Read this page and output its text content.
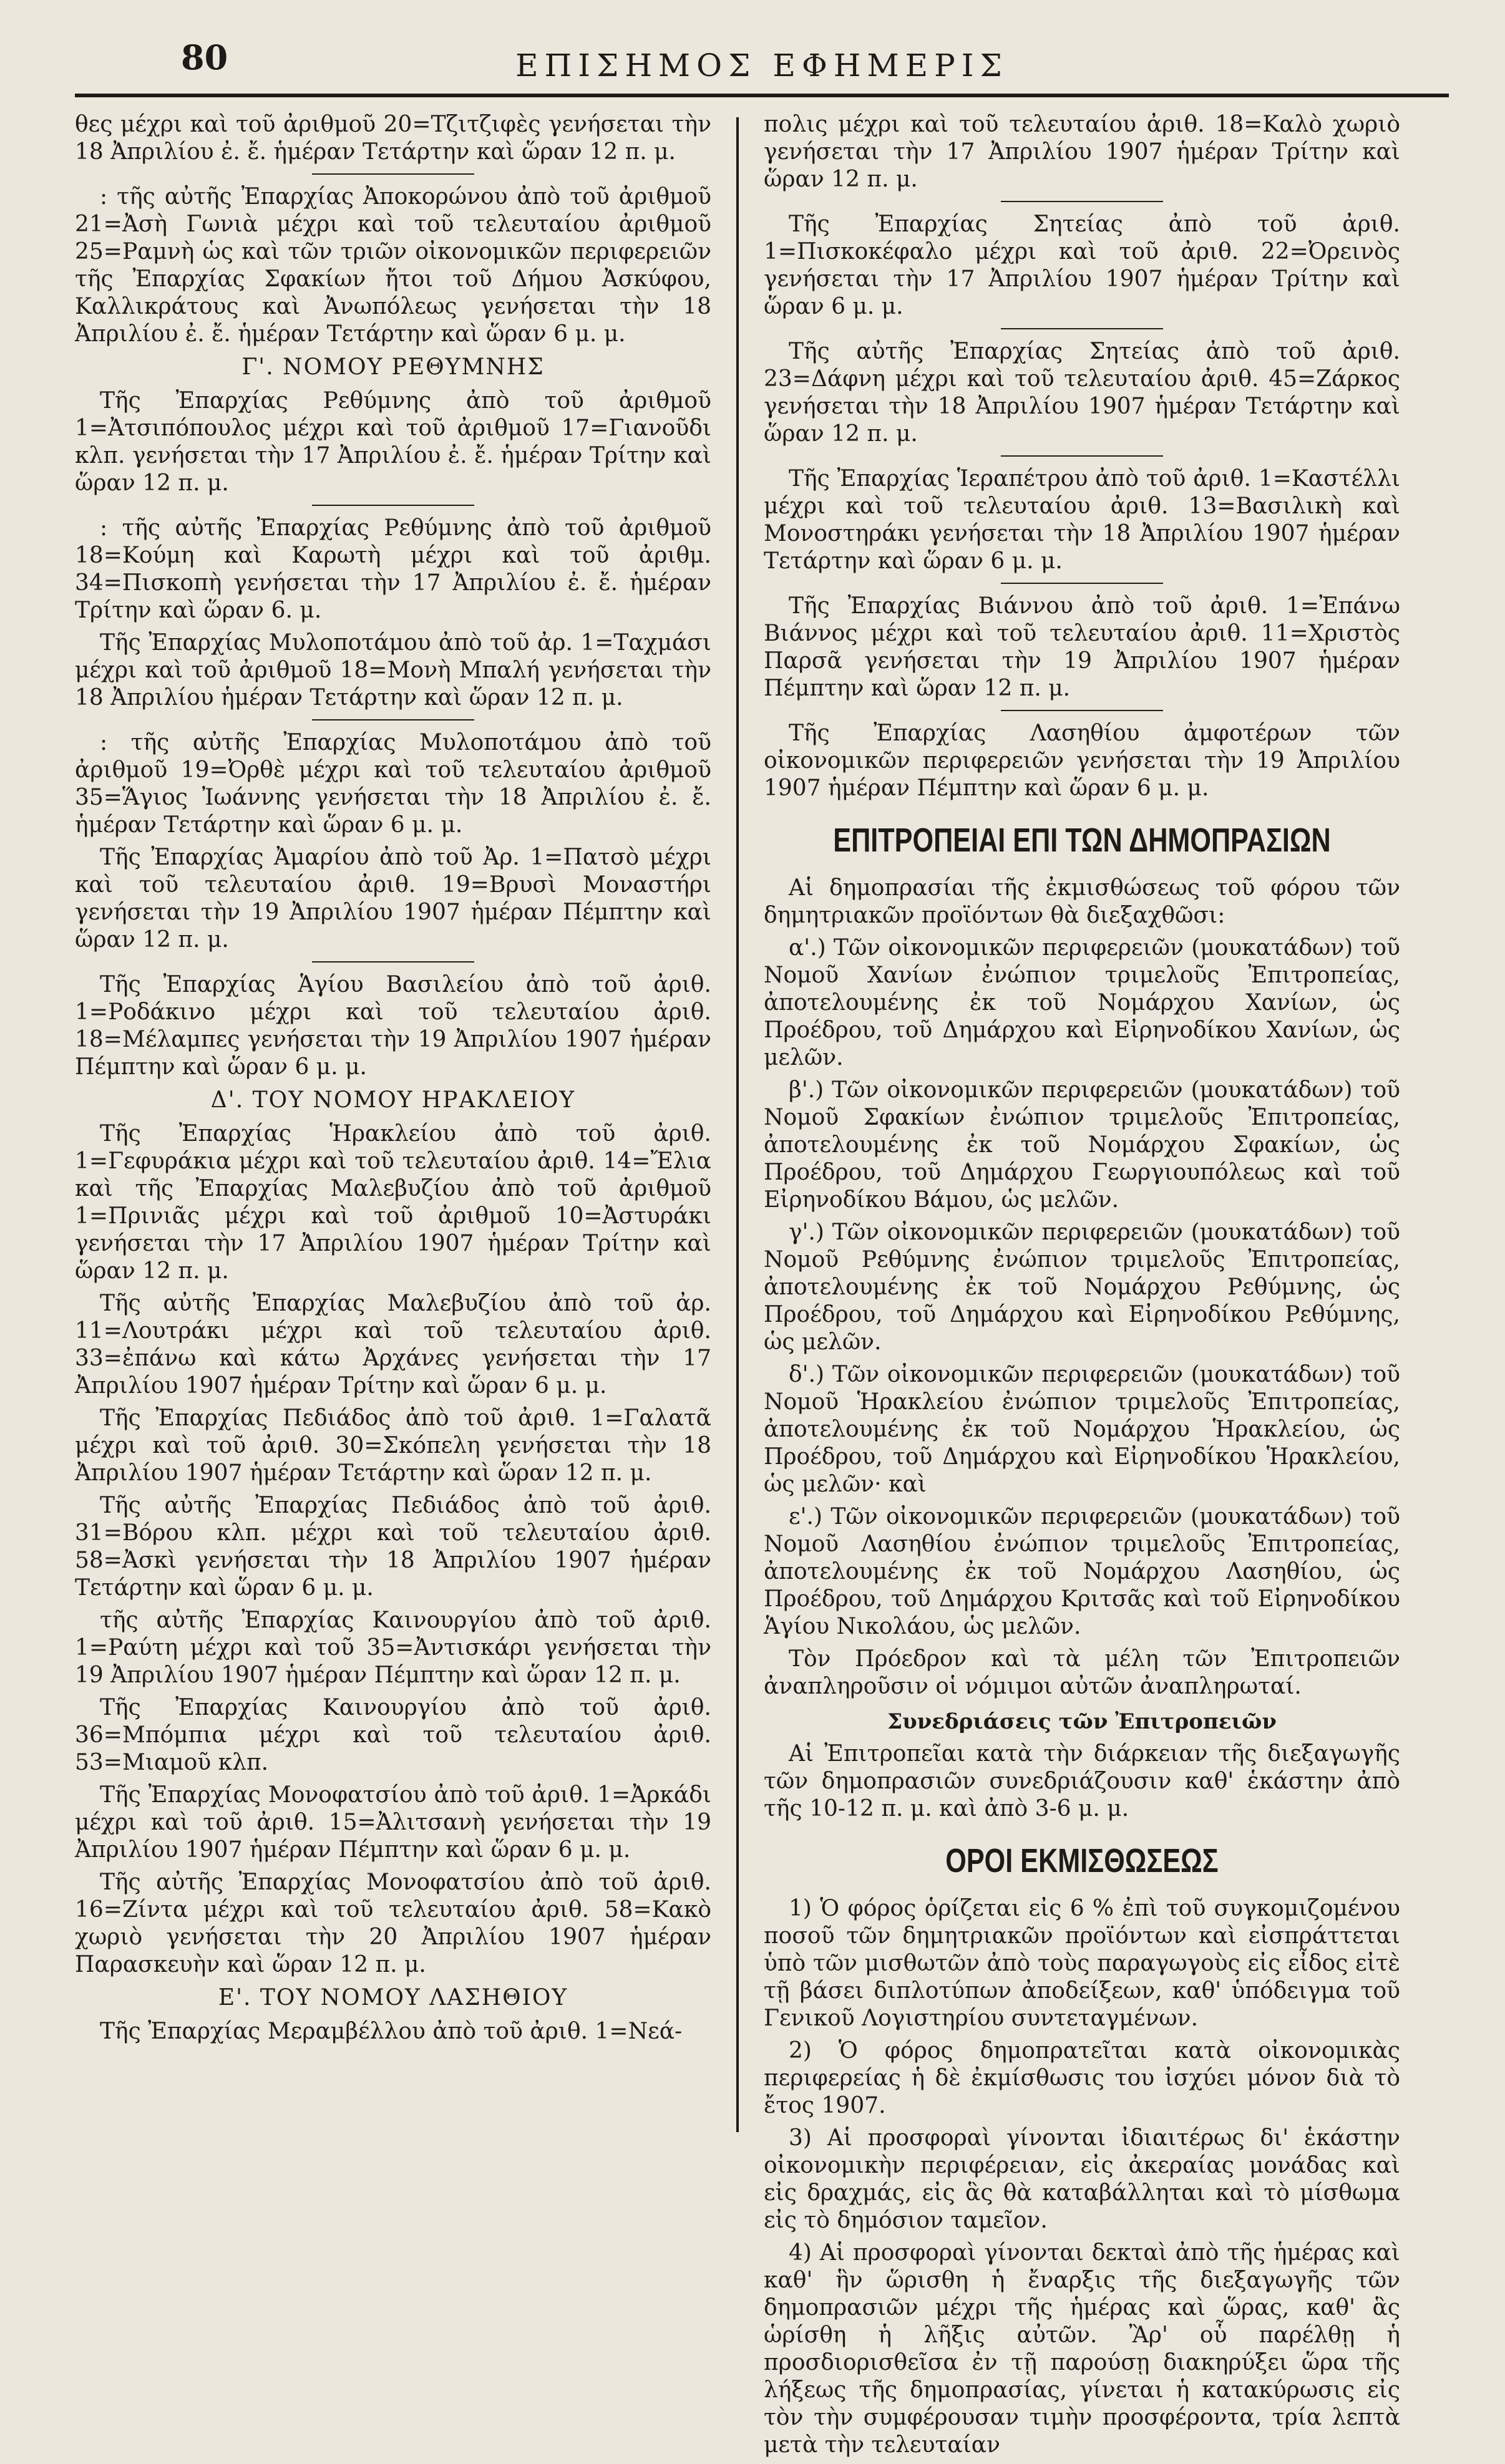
80	ΕΠΙΣΗΜΟΣ ΕΦΗΜΕΡΙΣ

θες μέχρι καὶ τοῦ ἀριθμοῦ 20=Τζιτζιφὲς γενήσεται τὴν 18 Ἀπριλίου ἐ. ἔ. ἡμέραν Τετάρτην καὶ ὥραν 12 π. μ.

: τῆς αὐτῆς Ἐπαρχίας Ἀποκορώνου ἀπὸ τοῦ ἀριθμοῦ 21=Ἀσὴ Γωνιὰ μέχρι καὶ τοῦ τελευταίου ἀριθμοῦ 25=Ραμνὴ ὡς καὶ τῶν τριῶν οἰκονομικῶν περιφερειῶν τῆς Ἐπαρχίας Σφακίων ἤτοι τοῦ Δήμου Ἀσκύφου, Καλλικράτους καὶ Ἀνωπόλεως γενήσεται τὴν 18 Ἀπριλίου ἐ. ἔ. ἡμέραν Τετάρτην καὶ ὥραν 6 μ. μ.

Γ'. ΝΟΜΟΥ ΡΕΘΥΜΝΗΣ

Τῆς Ἐπαρχίας Ρεθύμνης ἀπὸ τοῦ ἀριθμοῦ 1=Ἀτσιπόπουλος μέχρι καὶ τοῦ ἀριθμοῦ 17=Γιανοῦδι κλπ. γενήσεται τὴν 17 Ἀπριλίου ἐ. ἔ. ἡμέραν Τρίτην καὶ ὥραν 12 π. μ.

: τῆς αὐτῆς Ἐπαρχίας Ρεθύμνης ἀπὸ τοῦ ἀριθμοῦ 18=Κούμη καὶ Καρωτὴ μέχρι καὶ τοῦ ἀριθμ. 34=Πισκοπὴ γενήσεται τὴν 17 Ἀπριλίου ἐ. ἔ. ἡμέραν Τρίτην καὶ ὥραν 6. μ.

Τῆς Ἐπαρχίας Μυλοποτάμου ἀπὸ τοῦ ἀρ. 1=Ταχμάσι μέχρι καὶ τοῦ ἀριθμοῦ 18=Μονὴ Μπαλή γενήσεται τὴν 18 Ἀπριλίου ἡμέραν Τετάρτην καὶ ὥραν 12 π. μ.

: τῆς αὐτῆς Ἐπαρχίας Μυλοποτάμου ἀπὸ τοῦ ἀριθμοῦ 19=Ὀρθὲ μέχρι καὶ τοῦ τελευταίου ἀριθμοῦ 35=Ἅγιος Ἰωάννης γενήσεται τὴν 18 Ἀπριλίου ἐ. ἔ. ἡμέραν Τετάρτην καὶ ὥραν 6 μ. μ.

Τῆς Ἐπαρχίας Ἀμαρίου ἀπὸ τοῦ Ἀρ. 1=Πατσὸ μέχρι καὶ τοῦ τελευταίου ἀριθ. 19=Βρυσὶ Μοναστήρι γενήσεται τὴν 19 Ἀπριλίου 1907 ἡμέραν Πέμπτην καὶ ὥραν 12 π. μ.

Τῆς Ἐπαρχίας Ἁγίου Βασιλείου ἀπὸ τοῦ ἀριθ. 1=Ροδάκινο μέχρι καὶ τοῦ τελευταίου ἀριθ. 18=Μέλαμπες γενήσεται τὴν 19 Ἀπριλίου 1907 ἡμέραν Πέμπτην καὶ ὥραν 6 μ. μ.

Δ'. ΤΟΥ ΝΟΜΟΥ ΗΡΑΚΛΕΙΟΥ

Τῆς Ἐπαρχίας Ἡρακλείου ἀπὸ τοῦ ἀριθ. 1=Γεφυράκια μέχρι καὶ τοῦ τελευταίου ἀριθ. 14=Ἔλια καὶ τῆς Ἐπαρχίας Μαλεβυζίου ἀπὸ τοῦ ἀριθμοῦ 1=Πρινιᾶς μέχρι καὶ τοῦ ἀριθμοῦ 10=Ἀστυράκι γενήσεται τὴν 17 Ἀπριλίου 1907 ἡμέραν Τρίτην καὶ ὥραν 12 π. μ.

Τῆς αὐτῆς Ἐπαρχίας Μαλεβυζίου ἀπὸ τοῦ ἀρ. 11=Λουτράκι μέχρι καὶ τοῦ τελευταίου ἀριθ. 33=ἐπάνω καὶ κάτω Ἀρχάνες γενήσεται τὴν 17 Ἀπριλίου 1907 ἡμέραν Τρίτην καὶ ὥραν 6 μ. μ.

Τῆς Ἐπαρχίας Πεδιάδος ἀπὸ τοῦ ἀριθ. 1=Γαλατᾶ μέχρι καὶ τοῦ ἀριθ. 30=Σκόπελη γενήσεται τὴν 18 Ἀπριλίου 1907 ἡμέραν Τετάρτην καὶ ὥραν 12 π. μ.

Τῆς αὐτῆς Ἐπαρχίας Πεδιάδος ἀπὸ τοῦ ἀριθ. 31=Βόρου κλπ. μέχρι καὶ τοῦ τελευταίου ἀριθ. 58=Ἀσκὶ γενήσεται τὴν 18 Ἀπριλίου 1907 ἡμέραν Τετάρτην καὶ ὥραν 6 μ. μ.

τῆς αὐτῆς Ἐπαρχίας Καινουργίου ἀπὸ τοῦ ἀριθ. 1=Ραύτη μέχρι καὶ τοῦ 35=Ἀντισκάρι γενήσεται τὴν 19 Ἀπριλίου 1907 ἡμέραν Πέμπτην καὶ ὥραν 12 π. μ.

Τῆς Ἐπαρχίας Καινουργίου ἀπὸ τοῦ ἀριθ. 36=Μπόμπια μέχρι καὶ τοῦ τελευταίου ἀριθ. 53=Μιαμοῦ κλπ.

Τῆς Ἐπαρχίας Μονοφατσίου ἀπὸ τοῦ ἀριθ. 1=Ἀρκάδι μέχρι καὶ τοῦ ἀριθ. 15=Ἀλιτσανὴ γενήσεται τὴν 19 Ἀπριλίου 1907 ἡμέραν Πέμπτην καὶ ὥραν 6 μ. μ.

Τῆς αὐτῆς Ἐπαρχίας Μονοφατσίου ἀπὸ τοῦ ἀριθ. 16=Ζίντα μέχρι καὶ τοῦ τελευταίου ἀριθ. 58=Κακὸ χωριὸ γενήσεται τὴν 20 Ἀπριλίου 1907 ἡμέραν Παρασκευὴν καὶ ὥραν 12 π. μ.

Ε'. ΤΟΥ ΝΟΜΟΥ ΛΑΣΗΘΙΟΥ

Τῆς Ἐπαρχίας Μεραμβέλλου ἀπὸ τοῦ ἀριθ. 1=Νεά-

πολις μέχρι καὶ τοῦ τελευταίου ἀριθ. 18=Καλὸ χωριὸ γενήσεται τὴν 17 Ἀπριλίου 1907 ἡμέραν Τρίτην καὶ ὥραν 12 π. μ.

Τῆς Ἐπαρχίας Σητείας ἀπὸ τοῦ ἀριθ. 1=Πισκοκέφαλο μέχρι καὶ τοῦ ἀριθ. 22=Ὀρεινὸς γενήσεται τὴν 17 Ἀπριλίου 1907 ἡμέραν Τρίτην καὶ ὥραν 6 μ. μ.

Τῆς αὐτῆς Ἐπαρχίας Σητείας ἀπὸ τοῦ ἀριθ. 23=Δάφνη μέχρι καὶ τοῦ τελευταίου ἀριθ. 45=Ζάρκος γενήσεται τὴν 18 Ἀπριλίου 1907 ἡμέραν Τετάρτην καὶ ὥραν 12 π. μ.

Τῆς Ἐπαρχίας Ἱεραπέτρου ἀπὸ τοῦ ἀριθ. 1=Καστέλλι μέχρι καὶ τοῦ τελευταίου ἀριθ. 13=Βασιλικὴ καὶ Μονοστηράκι γενήσεται τὴν 18 Ἀπριλίου 1907 ἡμέραν Τετάρτην καὶ ὥραν 6 μ. μ.

Τῆς Ἐπαρχίας Βιάννου ἀπὸ τοῦ ἀριθ. 1=Ἐπάνω Βιάννος μέχρι καὶ τοῦ τελευταίου ἀριθ. 11=Χριστὸς Παρσᾶ γενήσεται τὴν 19 Ἀπριλίου 1907 ἡμέραν Πέμπτην καὶ ὥραν 12 π. μ.

Τῆς Ἐπαρχίας Λασηθίου ἀμφοτέρων τῶν οἰκονομικῶν περιφερειῶν γενήσεται τὴν 19 Ἀπριλίου 1907 ἡμέραν Πέμπτην καὶ ὥραν 6 μ. μ.

ΕΠΙΤΡΟΠΕΙΑΙ ΕΠΙ ΤΩΝ ΔΗΜΟΠΡΑΣΙΩΝ

Αἱ δημοπρασίαι τῆς ἐκμισθώσεως τοῦ φόρου τῶν δημητριακῶν προϊόντων θὰ διεξαχθῶσι:

α'.) Τῶν οἰκονομικῶν περιφερειῶν (μουκατάδων) τοῦ Νομοῦ Χανίων ἐνώπιον τριμελοῦς Ἐπιτροπείας, ἀποτελουμένης ἐκ τοῦ Νομάρχου Χανίων, ὡς Προέδρου, τοῦ Δημάρχου καὶ Εἰρηνοδίκου Χανίων, ὡς μελῶν.

β'.) Τῶν οἰκονομικῶν περιφερειῶν (μουκατάδων) τοῦ Νομοῦ Σφακίων ἐνώπιον τριμελοῦς Ἐπιτροπείας, ἀποτελουμένης ἐκ τοῦ Νομάρχου Σφακίων, ὡς Προέδρου, τοῦ Δημάρχου Γεωργιουπόλεως καὶ τοῦ Εἰρηνοδίκου Βάμου, ὡς μελῶν.

γ'.) Τῶν οἰκονομικῶν περιφερειῶν (μουκατάδων) τοῦ Νομοῦ Ρεθύμνης ἐνώπιον τριμελοῦς Ἐπιτροπείας, ἀποτελουμένης ἐκ τοῦ Νομάρχου Ρεθύμνης, ὡς Προέδρου, τοῦ Δημάρχου καὶ Εἰρηνοδίκου Ρεθύμνης, ὡς μελῶν.

δ'.) Τῶν οἰκονομικῶν περιφερειῶν (μουκατάδων) τοῦ Νομοῦ Ἡρακλείου ἐνώπιον τριμελοῦς Ἐπιτροπείας, ἀποτελουμένης ἐκ τοῦ Νομάρχου Ἡρακλείου, ὡς Προέδρου, τοῦ Δημάρχου καὶ Εἰρηνοδίκου Ἡρακλείου, ὡς μελῶν· καὶ

ε'.) Τῶν οἰκονομικῶν περιφερειῶν (μουκατάδων) τοῦ Νομοῦ Λασηθίου ἐνώπιον τριμελοῦς Ἐπιτροπείας, ἀποτελουμένης ἐκ τοῦ Νομάρχου Λασηθίου, ὡς Προέδρου, τοῦ Δημάρχου Κριτσᾶς καὶ τοῦ Εἰρηνοδίκου Ἁγίου Νικολάου, ὡς μελῶν.

Τὸν Πρόεδρον καὶ τὰ μέλη τῶν Ἐπιτροπειῶν ἀναπληροῦσιν οἱ νόμιμοι αὐτῶν ἀναπληρωταί.

Συνεδριάσεις τῶν Ἐπιτροπειῶν

Αἱ Ἐπιτροπεῖαι κατὰ τὴν διάρκειαν τῆς διεξαγωγῆς τῶν δημοπρασιῶν συνεδριάζουσιν καθ' ἑκάστην ἀπὸ τῆς 10-12 π. μ. καὶ ἀπὸ 3-6 μ. μ.

ΟΡΟΙ ΕΚΜΙΣΘΩΣΕΩΣ

1) Ὁ φόρος ὁρίζεται εἰς 6 % ἐπὶ τοῦ συγκομιζομένου ποσοῦ τῶν δημητριακῶν προϊόντων καὶ εἰσπράττεται ὑπὸ τῶν μισθωτῶν ἀπὸ τοὺς παραγωγοὺς εἰς εἶδος εἰτὲ τῇ βάσει διπλοτύπων ἀποδείξεων, καθ' ὑπόδειγμα τοῦ Γενικοῦ Λογιστηρίου συντεταγμένων.

2) Ὁ φόρος δημοπρατεῖται κατὰ οἰκονομικὰς περιφερείας ἡ δὲ ἐκμίσθωσις του ἰσχύει μόνον διὰ τὸ ἔτος 1907.

3) Αἱ προσφοραὶ γίνονται ἰδιαιτέρως δι' ἑκάστην οἰκονομικὴν περιφέρειαν, εἰς ἀκεραίας μονάδας καὶ εἰς δραχμάς, εἰς ἃς θὰ καταβάλληται καὶ τὸ μίσθωμα εἰς τὸ δημόσιον ταμεῖον.

4) Αἱ προσφοραὶ γίνονται δεκταὶ ἀπὸ τῆς ἡμέρας καὶ καθ' ἣν ὥρισθη ἡ ἔναρξις τῆς διεξαγωγῆς τῶν δημοπρασιῶν μέχρι τῆς ἡμέρας καὶ ὥρας, καθ' ἃς ὡρίσθη ἡ λῆξις αὐτῶν. Ἂρ' οὗ παρέλθῃ ἡ προσδιορισθεῖσα ἐν τῇ παρούσῃ διακηρύξει ὥρα τῆς λήξεως τῆς δημοπρασίας, γίνεται ἡ κατακύρωσις εἰς τὸν τὴν συμφέρουσαν τιμὴν προσφέροντα, τρία λεπτὰ μετὰ τὴν τελευταίαν
